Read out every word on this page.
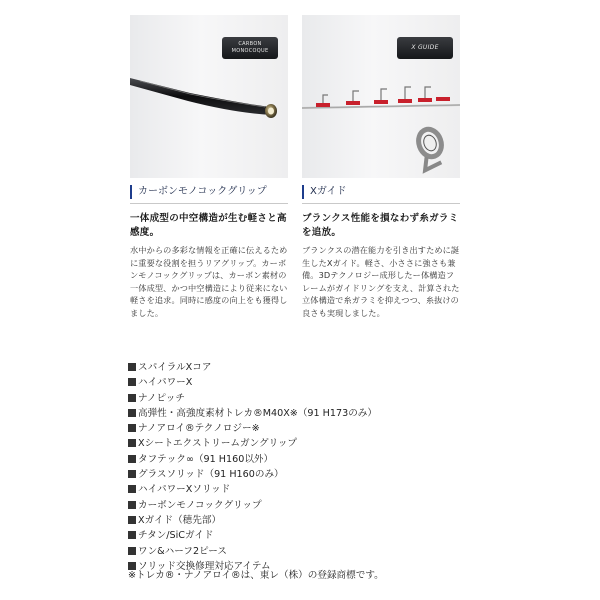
CARBON
MONOCOQUE	X GUIDE
カーボンモノコックグリップ
一体成型の中空構造が生む軽さと高感度。
水中からの多彩な情報を正確に伝えるために重要な役割を担うリアグリップ。カーボンモノコックグリップは、カーボン素材の一体成型、かつ中空構造により従来にない軽さを追求。同時に感度の向上をも獲得しました。
Xガイド
ブランクス性能を損なわず糸ガラミを追放。
ブランクスの潜在能力を引き出すために誕生したXガイド。軽さ、小ささに強さも兼備。3Dテクノロジー成形したー体構造フレームがガイドリングを支え、計算された立体構造で糸ガラミを抑えつつ、糸抜けの良さも実現しました。
スパイラルXコア
ハイパワーX
ナノピッチ
高弾性・高強度素材トレカ®M40X※（91 H173のみ）
ナノアロイ®テクノロジー※
Xシートエクストリームガングリップ
タフテック∞（91 H160以外）
グラスソリッド（91 H160のみ）
ハイパワーXソリッド
カーボンモノコックグリップ
Xガイド（穂先部）
チタン/SiCガイド
ワン&ハーフ2ピース
ソリッド交換修理対応アイテム
※トレカ®・ナノアロイ®は、東レ（株）の登録商標です。
